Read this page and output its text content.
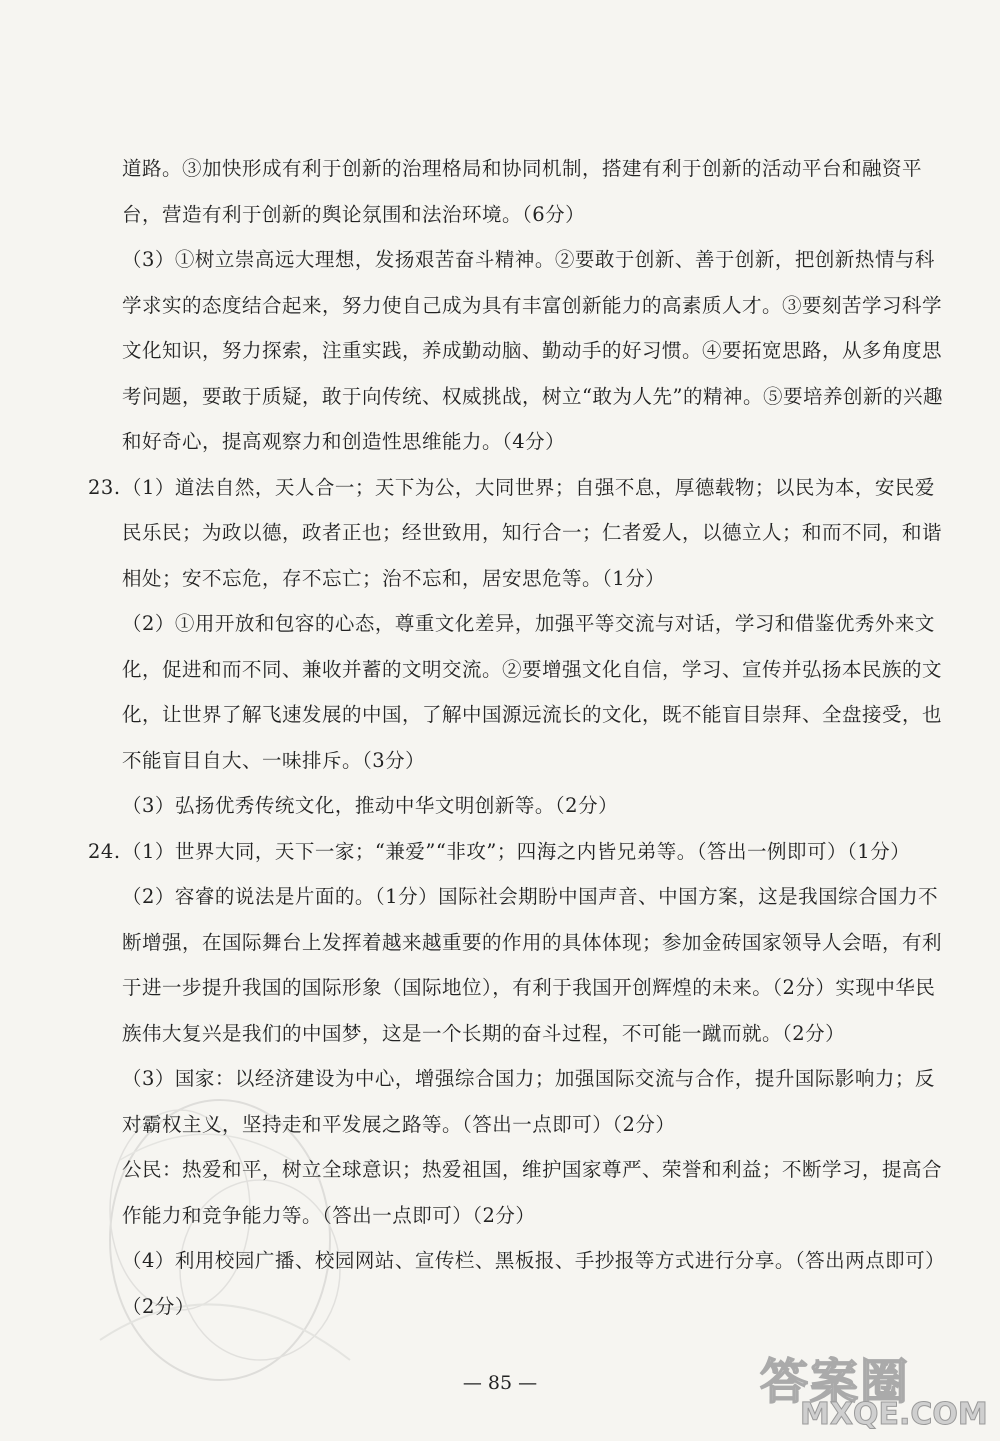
道路。③加快形成有利于创新的治理格局和协同机制，搭建有利于创新的活动平台和融资平台，营造有利于创新的舆论氛围和法治环境。（6分）

（3）①树立崇高远大理想，发扬艰苦奋斗精神。②要敢于创新、善于创新，把创新热情与科学求实的态度结合起来，努力使自己成为具有丰富创新能力的高素质人才。③要刻苦学习科学文化知识，努力探索，注重实践，养成勤动脑、勤动手的好习惯。④要拓宽思路，从多角度思考问题，要敢于质疑，敢于向传统、权威挑战，树立“敢为人先”的精神。⑤要培养创新的兴趣和好奇心，提高观察力和创造性思维能力。（4分）

23. （1）道法自然，天人合一；天下为公，大同世界；自强不息，厚德载物；以民为本，安民爱民乐民；为政以德，政者正也；经世致用，知行合一；仁者爱人，以德立人；和而不同，和谐相处；安不忘危，存不忘亡；治不忘和，居安思危等。（1分）

（2）①用开放和包容的心态，尊重文化差异，加强平等交流与对话，学习和借鉴优秀外来文化，促进和而不同、兼收并蓄的文明交流。②要增强文化自信，学习、宣传并弘扬本民族的文化，让世界了解飞速发展的中国，了解中国源远流长的文化，既不能盲目崇拜、全盘接受，也不能盲目自大、一味排斥。（3分）

（3）弘扬优秀传统文化，推动中华文明创新等。（2分）

24. （1）世界大同，天下一家；“兼爱”“非攻”；四海之内皆兄弟等。（答出一例即可）（1分）

（2）容睿的说法是片面的。（1分）国际社会期盼中国声音、中国方案，这是我国综合国力不断增强，在国际舞台上发挥着越来越重要的作用的具体体现；参加金砖国家领导人会晤，有利于进一步提升我国的国际形象（国际地位），有利于我国开创辉煌的未来。（2分）实现中华民族伟大复兴是我们的中国梦，这是一个长期的奋斗过程，不可能一蹴而就。（2分）

（3）国家：以经济建设为中心，增强综合国力；加强国际交流与合作，提升国际影响力；反对霸权主义，坚持走和平发展之路等。（答出一点即可）（2分）

公民：热爱和平，树立全球意识；热爱祖国，维护国家尊严、荣誉和利益；不断学习，提高合作能力和竞争能力等。（答出一点即可）（2分）

（4）利用校园广播、校园网站、宣传栏、黑板报、手抄报等方式进行分享。（答出两点即可）（2分）

— 85 —	答案圈
MXQE.COM
